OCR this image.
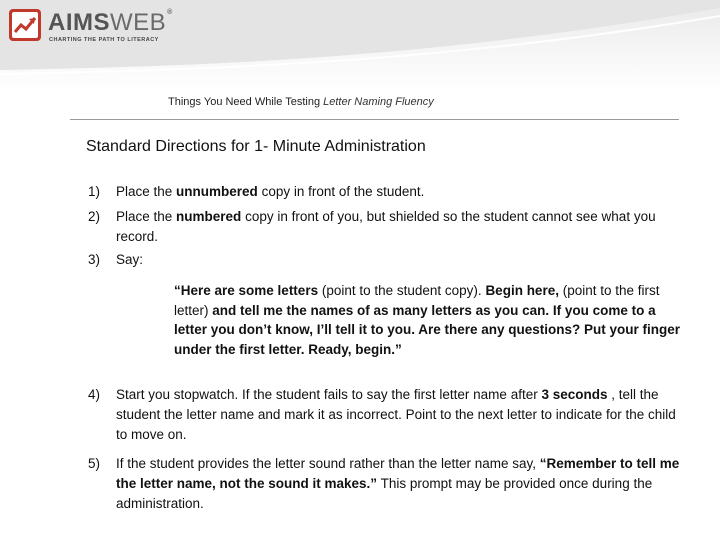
AIMSWEB®
CHARTING THE PATH TO LITERACY
Things You Need While Testing Letter Naming Fluency
Standard Directions for 1- Minute Administration
1) Place the unnumbered copy in front of the student.
2) Place the numbered copy in front of you, but shielded so the student cannot see what you record.
3) Say:
“Here are some letters (point to the student copy). Begin here, (point to the first letter) and tell me the names of as many letters as you can. If you come to a letter you don’t know, I’ll tell it to you. Are there any questions? Put your finger under the first letter. Ready, begin.”
4) Start you stopwatch. If the student fails to say the first letter name after 3 seconds , tell the student the letter name and mark it as incorrect. Point to the next letter to indicate for the child to move on.
5) If the student provides the letter sound rather than the letter name say, “Remember to tell me the letter name, not the sound it makes.” This prompt may be provided once during the administration.
